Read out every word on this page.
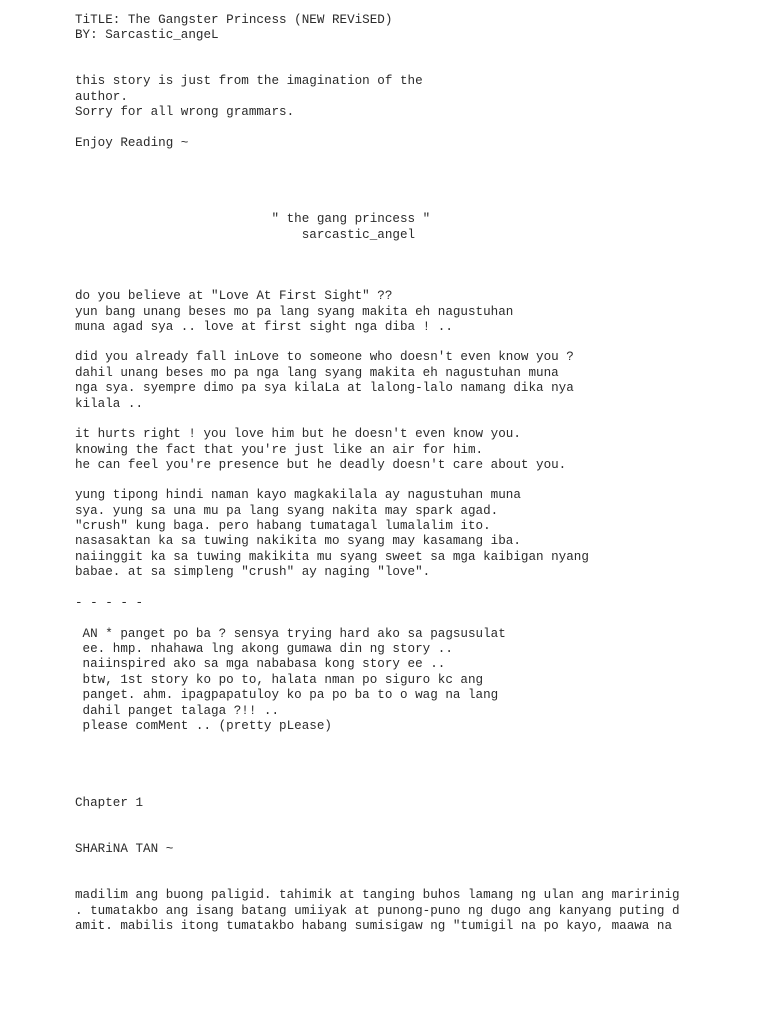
TiTLE: The Gangster Princess (NEW REViSED)

BY: Sarcastic_angeL

this story is just from the imagination of the

author.

Sorry for all wrong grammars.

Enjoy Reading ~

" the gang princess "

sarcastic_angel

do you believe at "Love At First Sight" ??

yun bang unang beses mo pa lang syang makita eh nagustuhan

muna agad sya .. love at first sight nga diba ! ..

did you already fall inLove to someone who doesn't even know you ?

dahil unang beses mo pa nga lang syang makita eh nagustuhan muna

nga sya. syempre dimo pa sya kilaLa at lalong-lalo namang dika nya

kilala ..

it hurts right ! you love him but he doesn't even know you.

knowing the fact that you're just like an air for him.

he can feel you're presence but he deadly doesn't care about you.

yung tipong hindi naman kayo magkakilala ay nagustuhan muna

sya. yung sa una mu pa lang syang nakita may spark agad.

"crush" kung baga. pero habang tumatagal lumalalim ito.

nasasaktan ka sa tuwing nakikita mo syang may kasamang iba.

naiinggit ka sa tuwing makikita mu syang sweet sa mga kaibigan nyang

babae. at sa simpleng "crush" ay naging "love".

- - - - -

AN * panget po ba ? sensya trying hard ako sa pagsusulat

ee. hmp. nhahawa lng akong gumawa din ng story ..

naiinspired ako sa mga nababasa kong story ee ..

btw, 1st story ko po to, halata nman po siguro kc ang

panget. ahm. ipagpapatuloy ko pa po ba to o wag na lang

dahil panget talaga ?!! ..

please comMent .. (pretty pLease)

Chapter 1

SHARiNA TAN ~

madilim ang buong paligid. tahimik at tanging buhos lamang ng ulan ang maririnig

. tumatakbo ang isang batang umiiyak at punong-puno ng dugo ang kanyang puting d

amit. mabilis itong tumatakbo habang sumisigaw ng "tumigil na po kayo, maawa na
